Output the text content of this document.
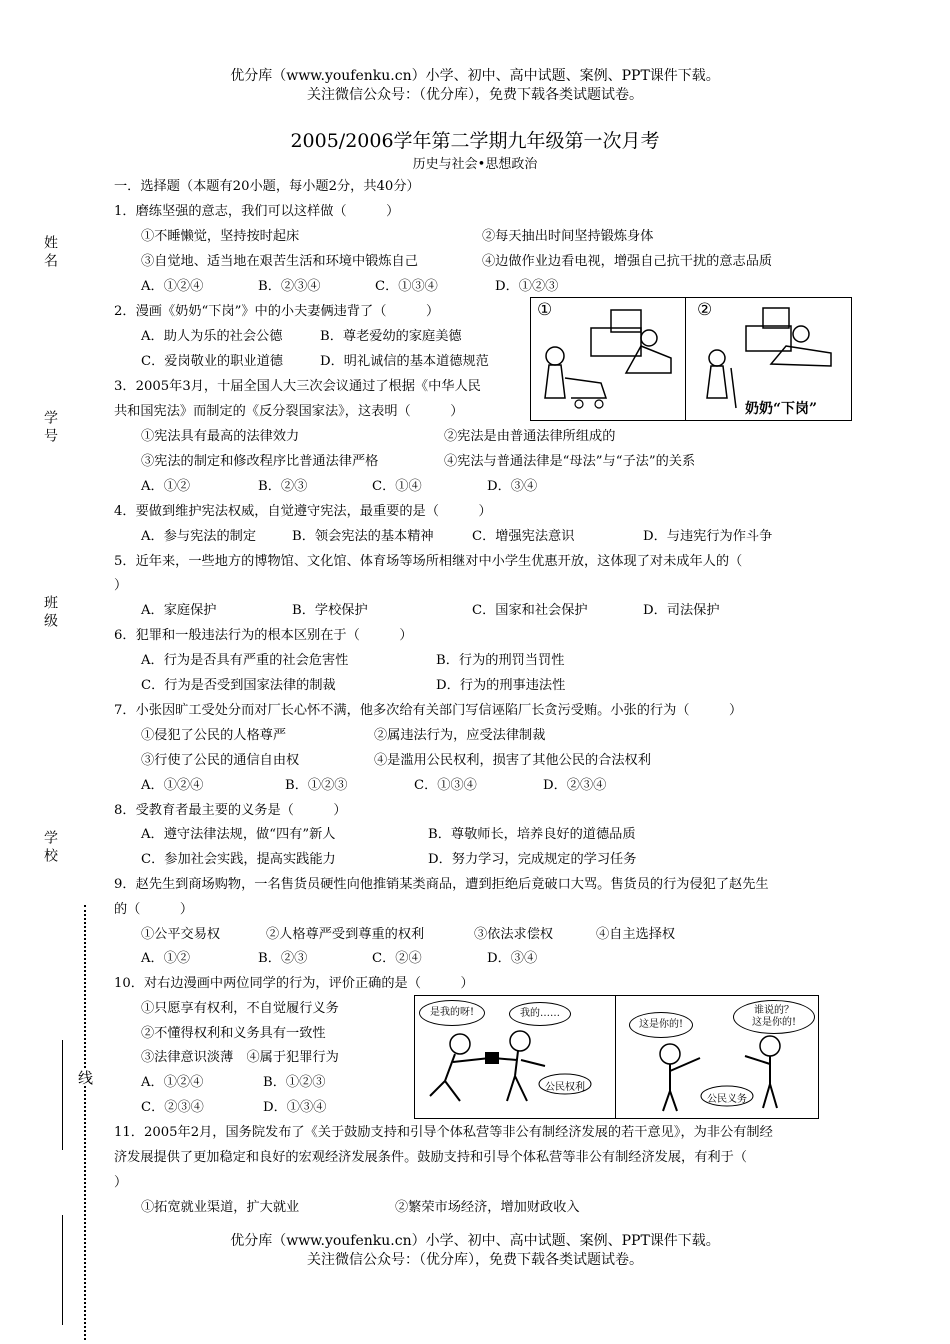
优分库（www.youfenku.cn）小学、初中、高中试题、案例、PPT课件下载。
关注微信公众号：（优分库），免费下载各类试题试卷。
2005/2006学年第二学期九年级第一次月考
历史与社会•思想政治
姓名
学号
班级
学校
线
一．选择题（本题有20小题，每小题2分，共40分）
1．磨练坚强的意志，我们可以这样做（　　　）
①不睡懒觉，坚持按时起床	②每天抽出时间坚持锻炼身体
③自觉地、适当地在艰苦生活和环境中锻炼自己	④边做作业边看电视，增强自己抗干扰的意志品质
A．①②④	B．②③④	C．①③④	D．①②③
2．漫画《奶奶“下岗”》中的小夫妻俩违背了（　　　）
A．助人为乐的社会公德	B．尊老爱幼的家庭美德
C．爱岗敬业的职业道德	D．明礼诚信的基本道德规范
①	②
奶奶“下岗”
3．2005年3月，十届全国人大三次会议通过了根据《中华人民
共和国宪法》而制定的《反分裂国家法》，这表明（　　　）
①宪法具有最高的法律效力	②宪法是由普通法律所组成的
③宪法的制定和修改程序比普通法律严格	④宪法与普通法律是“母法”与“子法”的关系
A．①②	B．②③	C．①④	D．③④
4．要做到维护宪法权威，自觉遵守宪法，最重要的是（　　　）
A．参与宪法的制定	B．领会宪法的基本精神	C．增强宪法意识	D．与违宪行为作斗争
5．近年来，一些地方的博物馆、文化馆、体育场等场所相继对中小学生优惠开放，这体现了对未成年人的（
）
A．家庭保护	B．学校保护	C．国家和社会保护	D．司法保护
6．犯罪和一般违法行为的根本区别在于（　　　）
A．行为是否具有严重的社会危害性	B．行为的刑罚当罚性
C．行为是否受到国家法律的制裁	D．行为的刑事违法性
7．小张因旷工受处分而对厂长心怀不满，他多次给有关部门写信诬陷厂长贪污受贿。小张的行为（　　　）
①侵犯了公民的人格尊严	②属违法行为，应受法律制裁
③行使了公民的通信自由权	④是滥用公民权利，损害了其他公民的合法权利
A．①②④	B．①②③	C．①③④	D．②③④
8．受教育者最主要的义务是（　　　）
A．遵守法律法规，做“四有”新人	B．尊敬师长，培养良好的道德品质
C．参加社会实践，提高实践能力	D．努力学习，完成规定的学习任务
9．赵先生到商场购物，一名售货员硬性向他推销某类商品，遭到拒绝后竟破口大骂。售货员的行为侵犯了赵先生
的（　　　）
①公平交易权	②人格尊严受到尊重的权利	③依法求偿权	④自主选择权
A．①②	B．②③	C．②④	D．③④
10．对右边漫画中两位同学的行为，评价正确的是（　　　）
①只愿享有权利，不自觉履行义务
②不懂得权利和义务具有一致性
③法律意识淡薄　④属于犯罪行为
A．①②④	B．①②③
C．②③④	D．①③④
是我的呀!	我的……
这是你的!
谁说的？
这是你的!
公民权利
公民义务
11．2005年2月，国务院发布了《关于鼓励支持和引导个体私营等非公有制经济发展的若干意见》，为非公有制经
济发展提供了更加稳定和良好的宏观经济发展条件。鼓励支持和引导个体私营等非公有制经济发展，有利于（
）
①拓宽就业渠道，扩大就业	②繁荣市场经济，增加财政收入
优分库（www.youfenku.cn）小学、初中、高中试题、案例、PPT课件下载。
关注微信公众号：（优分库），免费下载各类试题试卷。
